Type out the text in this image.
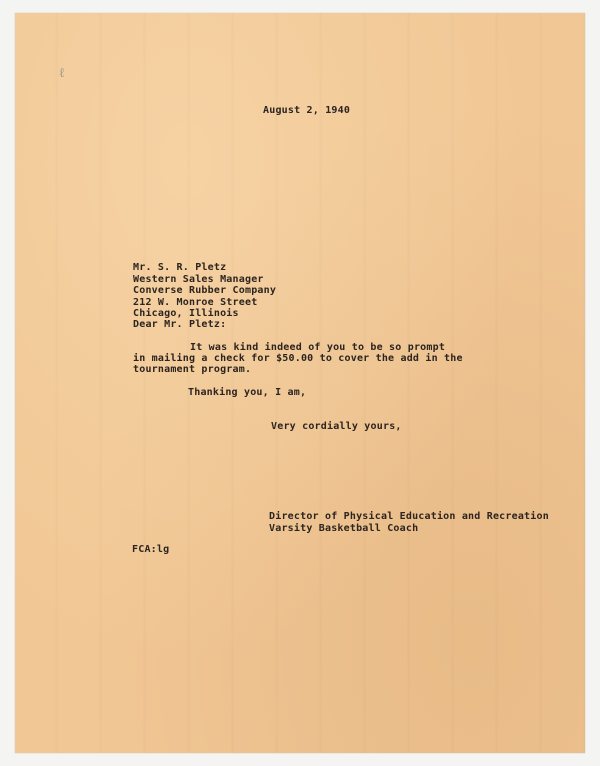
ℓ
August 2, 1940
Mr. S. R. Pletz
Western Sales Manager
Converse Rubber Company
212 W. Monroe Street
Chicago, Illinois
Dear Mr. Pletz:
It was kind indeed of you to be so prompt
in mailing a check for $50.00 to cover the add in the
tournament program.
Thanking you, I am,
Very cordially yours,
Director of Physical Education and Recreation
Varsity Basketball Coach
FCA:lg
